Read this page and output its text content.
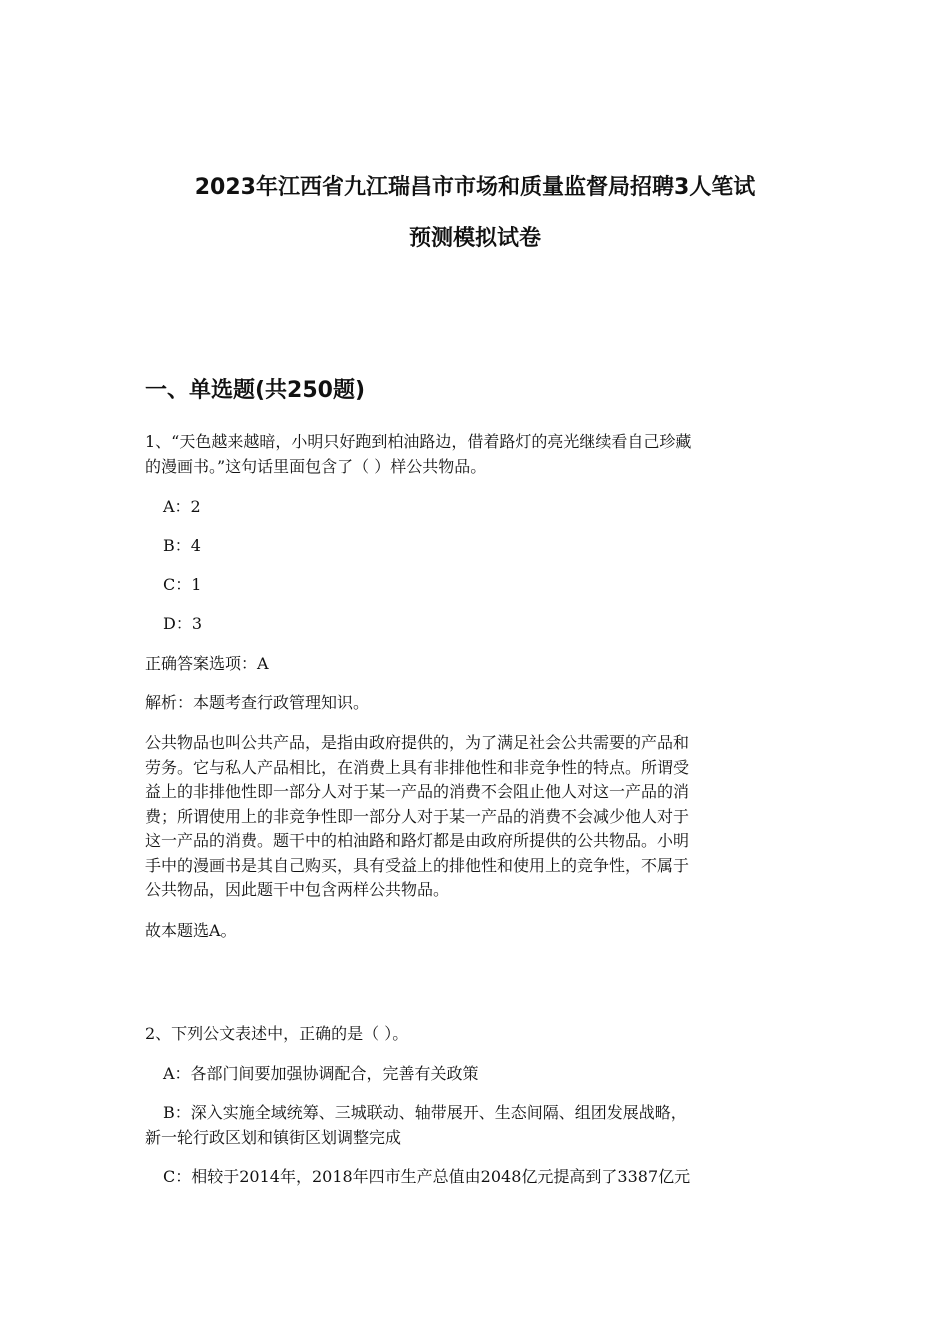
2023年江西省九江瑞昌市市场和质量监督局招聘3人笔试
预测模拟试卷
一、单选题(共250题)

1、“天色越来越暗，小明只好跑到柏油路边，借着路灯的亮光继续看自己珍藏
的漫画书。”这句话里面包含了（ ）样公共物品。

A：2

B：4

C：1

D：3

正确答案选项：A

解析：本题考查行政管理知识。

公共物品也叫公共产品，是指由政府提供的，为了满足社会公共需要的产品和
劳务。它与私人产品相比，在消费上具有非排他性和非竞争性的特点。所谓受
益上的非排他性即一部分人对于某一产品的消费不会阻止他人对这一产品的消
费；所谓使用上的非竞争性即一部分人对于某一产品的消费不会减少他人对于
这一产品的消费。题干中的柏油路和路灯都是由政府所提供的公共物品。小明
手中的漫画书是其自己购买，具有受益上的排他性和使用上的竞争性，不属于
公共物品，因此题干中包含两样公共物品。

故本题选A。

2、下列公文表述中，正确的是（ ）。

A：各部门间要加强协调配合，完善有关政策

B：深入实施全域统筹、三城联动、轴带展开、生态间隔、组团发展战略，
新一轮行政区划和镇街区划调整完成

C：相较于2014年，2018年四市生产总值由2048亿元提高到了3387亿元
